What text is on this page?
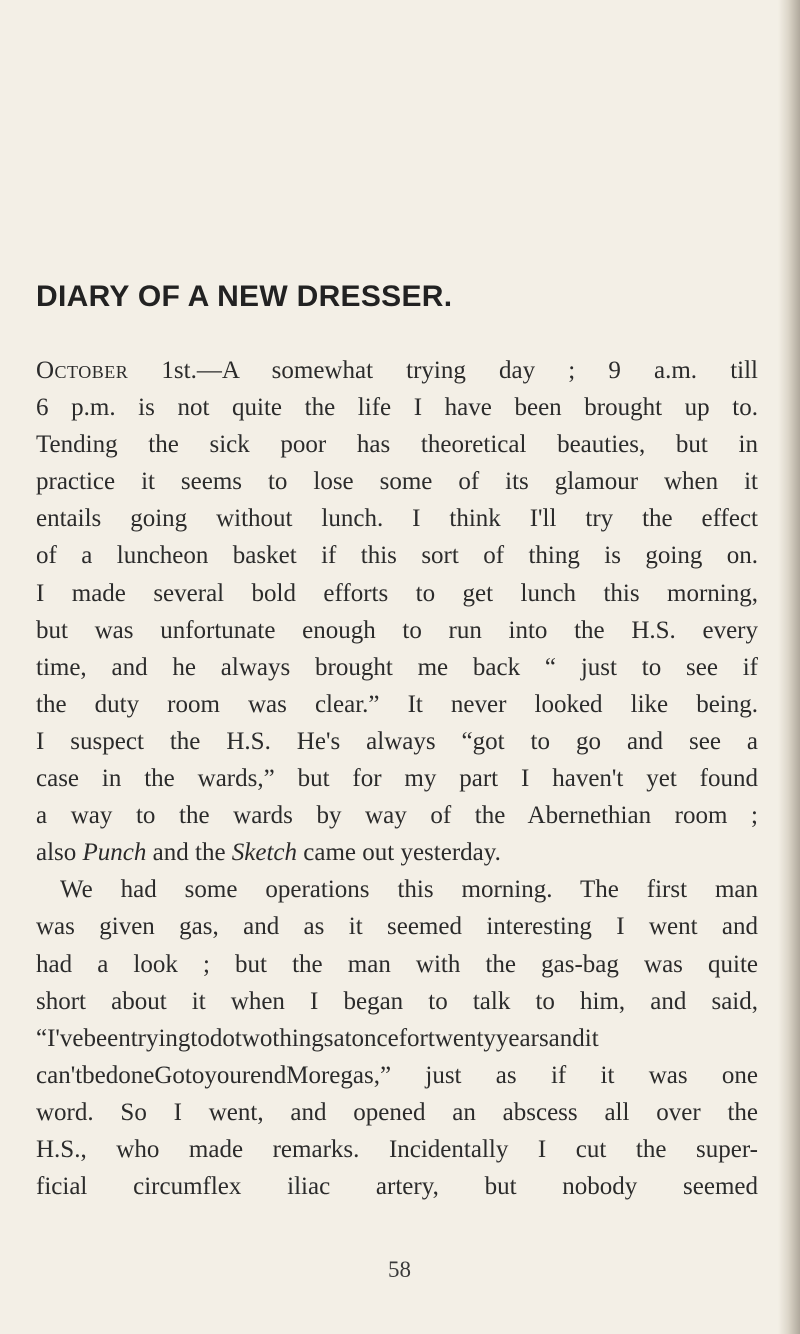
DIARY OF A NEW DRESSER.
October 1st.—A somewhat trying day ; 9 a.m. till
6 p.m. is not quite the life I have been brought up to.
Tending the sick poor has theoretical beauties, but in
practice it seems to lose some of its glamour when it
entails going without lunch. I think I'll try the effect
of a luncheon basket if this sort of thing is going on.
I made several bold efforts to get lunch this morning,
but was unfortunate enough to run into the H.S. every
time, and he always brought me back “ just to see if
the duty room was clear.” It never looked like being.
I suspect the H.S. He's always “got to go and see a
case in the wards,” but for my part I haven't yet found
a way to the wards by way of the Abernethian room ;
also Punch and the Sketch came out yesterday.
We had some operations this morning. The first man
was given gas, and as it seemed interesting I went and
had a look ; but the man with the gas-bag was quite
short about it when I began to talk to him, and said,
“I'vebeentryingtodotwothingsatoncefortwentyyearsandit
can'tbedoneGotoyourendMoregas,” just as if it was one
word. So I went, and opened an abscess all over the
H.S., who made remarks. Incidentally I cut the super-
ficial circumflex iliac artery, but nobody seemed
58
